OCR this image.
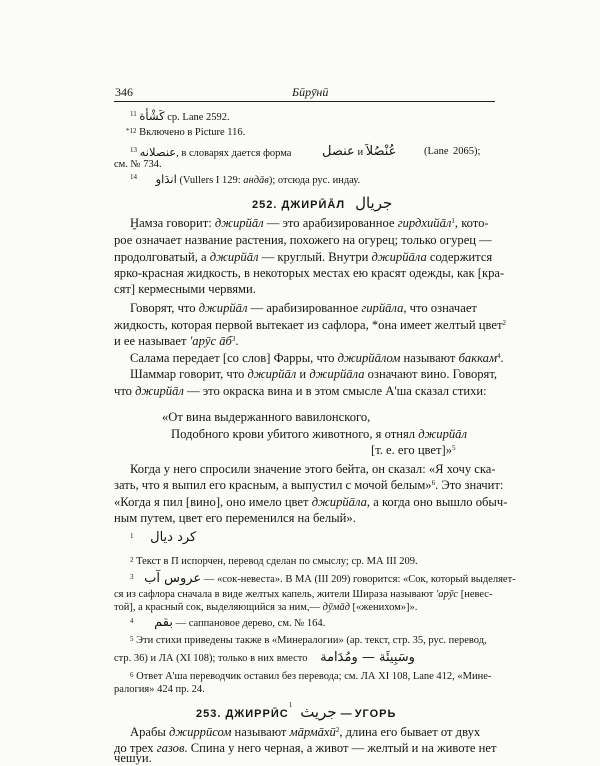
346	Бӣрӯнӣ
$^{11}$ كَشْأة ср. Lane 2592.
$^{*12}$ Включено в Picture 116.
$^{13}$ عنصلانه, в словарях дается форма عنصل и عُنْصُلاَ	(Lane 2065);
см. № 734.
$^{14}$ اندَاو (Vullers I 129: андāв); отсюда рус. индау.
252. ДЖИРӢĀЛ جريال
Ḫамза говорит: джирйāл — это арабизированное гирдхийāл$^1$, кото-
рое означает название растения, похожего на огурец; только огурец —
продолговатый, а джирйāл — круглый. Внутри джирйāла содержится
ярко-красная жидкость, в некоторых местах ею красят одежды, как [кра-
сят] кермесными червями.
Говорят, что джирйāл — арабизированное гирйāла, что означает
жидкость, которая первой вытекает из сафлора, *она имеет желтый цвет$^2$
и ее называет 'арӯс $āб^3$.
Салама передает [со слов] Фарры, что джирйāлом называют баккам$^4$.
Шаммар говорит, что джирйāл и джирйāла означают вино. Говорят,
что джирйāл — это окраска вина и в этом смысле А'ша сказал стихи:
«От вина выдержанного вавилонского,
Подобного крови убитого животного, я отнял джирйāл
[т. е. его цвет]»$^5$
Когда у него спросили значение этого бейта, он сказал: «Я хочу ска-
зать, что я выпил его красным, а выпустил с мочой белым»$^6$. Это значит:
«Когда я пил [вино], оно имело цвет джирйāла, а когда оно вышло обыч-
ным путем, цвет его переменился на белый».
$^1$ كرد ديال
$^2$ Текст в П испорчен, перевод сделан по смыслу; ср. МА III 209.
$^3$ عروس آب — «сок-невеста». В МА (III 209) говорится: «Сок, который выделяет-
ся из сафлора сначала в виде желтых капель, жители Шираза называют 'арӯс [невес-
той], а красный сок, выделяющийся за ним,— дӯмāд [«женихом»]».
$^4$ بقم — саппановое дерево, см. № 164.
$^5$ Эти стихи приведены также в «Минералогии» (ар. текст, стр. 35, рус. перевод,
стр. 36) и ЛА (XI 108); только в них вместо وسَبِيئَة — ومُدَامة
$^6$ Ответ А'ша переводчик оставил без перевода; см. ЛА XI 108, Lane 412, «Мине-
ралогия» 424 пр. 24.
253. ДЖИРРӢС$^1$ جريث — УГОРЬ
Арабы джиррӣсом называют мāрмāхӣ$^2$, длина его бывает от двух
до трех газов. Спина у него черная, а живот — желтый и на животе нет
чешуи.
